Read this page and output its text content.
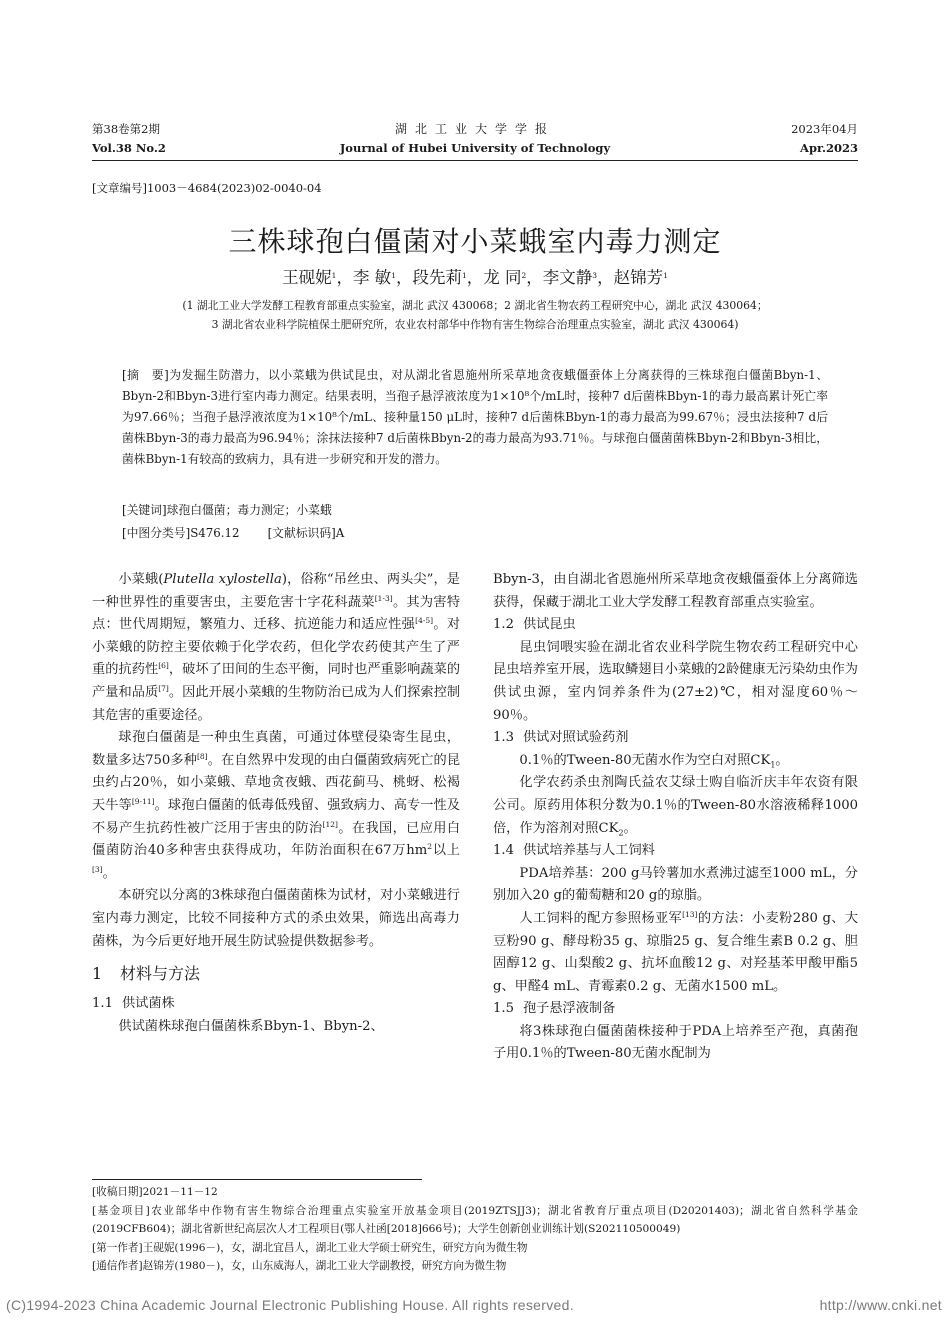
第38卷第2期
Vol.38 No.2
湖北工业大学学报
Journal of Hubei University of Technology
2023年04月
Apr.2023
[文章编号]1003－4684(2023)02-0040-04
三株球孢白僵菌对小菜蛾室内毒力测定
王砚妮$^1$，李 敏$^1$，段先莉$^1$，龙 同$^2$，李文静$^3$，赵锦芳$^1$
(1 湖北工业大学发酵工程教育部重点实验室，湖北 武汉 430068；2 湖北省生物农药工程研究中心，湖北 武汉 430064；
3 湖北省农业科学院植保土肥研究所，农业农村部华中作物有害生物综合治理重点实验室，湖北 武汉 430064)
[摘　要]为发掘生防潜力，以小菜蛾为供试昆虫，对从湖北省恩施州所采草地贪夜蛾僵蚕体上分离获得的三株球孢白僵菌Bbyn-1、Bbyn-2和Bbyn-3进行室内毒力测定。结果表明，当孢子悬浮液浓度为1×10⁸个/mL时，接种7 d后菌株Bbyn-1的毒力最高累计死亡率为97.66％；当孢子悬浮液浓度为1×10⁸个/mL、接种量150 μL时，接种7 d后菌株Bbyn-1的毒力最高为99.67％；浸虫法接种7 d后菌株Bbyn-3的毒力最高为96.94％；涂抹法接种7 d后菌株Bbyn-2的毒力最高为93.71％。与球孢白僵菌菌株Bbyn-2和Bbyn-3相比，菌株Bbyn-1有较高的致病力，具有进一步研究和开发的潜力。
[关键词]球孢白僵菌；毒力测定；小菜蛾
[中图分类号]S476.12 [文献标识码]A

小菜蛾(Plutella xylostella)，俗称“吊丝虫、两头尖”，是一种世界性的重要害虫，主要危害十字花科蔬菜[1-3]。其为害特点：世代周期短，繁殖力、迁移、抗逆能力和适应性强[4-5]。对小菜蛾的防控主要依赖于化学农药，但化学农药使其产生了严重的抗药性[6]，破坏了田间的生态平衡，同时也严重影响蔬菜的产量和品质[7]。因此开展小菜蛾的生物防治已成为人们探索控制其危害的重要途径。

球孢白僵菌是一种虫生真菌，可通过体壁侵染寄生昆虫，数量多达750多种[8]。在自然界中发现的由白僵菌致病死亡的昆虫约占20％，如小菜蛾、草地贪夜蛾、西花蓟马、桃蚜、松褐天牛等[9-11]。球孢白僵菌的低毒低残留、强致病力、高专一性及不易产生抗药性被广泛用于害虫的防治[12]。在我国，已应用白僵菌防治40多种害虫获得成功，年防治面积在67万$hm^2$以上[3]。

本研究以分离的3株球孢白僵菌菌株为试材，对小菜蛾进行室内毒力测定，比较不同接种方式的杀虫效果，筛选出高毒力菌株，为今后更好地开展生防试验提供数据参考。

1 材料与方法
1.1 供试菌株

供试菌株球孢白僵菌株系Bbyn-1、Bbyn-2、

Bbyn-3，由自湖北省恩施州所采草地贪夜蛾僵蚕体上分离筛选获得，保藏于湖北工业大学发酵工程教育部重点实验室。

1.2 供试昆虫

昆虫饲喂实验在湖北省农业科学院生物农药工程研究中心昆虫培养室开展，选取鳞翅目小菜蛾的2龄健康无污染幼虫作为供试虫源，室内饲养条件为(27±2)℃，相对湿度60％～90％。

1.3 供试对照试验药剂

0.1％的Tween-80无菌水作为空白对照$CK_1$。

化学农药杀虫剂陶氏益农艾绿士购自临沂庆丰年农资有限公司。原药用体积分数为0.1％的Tween-80水溶液稀释1000倍，作为溶剂对照$CK_2$。

1.4 供试培养基与人工饲料

PDA培养基：200 g马铃薯加水煮沸过滤至1000 mL，分别加入20 g的葡萄糖和20 g的琼脂。

人工饲料的配方参照杨亚军[13]的方法：小麦粉280 g、大豆粉90 g、酵母粉35 g、琼脂25 g、复合维生素B 0.2 g、胆固醇12 g、山梨酸2 g、抗坏血酸12 g、对羟基苯甲酸甲酯5 g、甲醛4 mL、青霉素0.2 g、无菌水1500 mL。

1.5 孢子悬浮液制备

将3株球孢白僵菌菌株接种于PDA上培养至产孢，真菌孢子用0.1％的Tween-80无菌水配制为

[收稿日期]2021－11－12
[基金项目]农业部华中作物有害生物综合治理重点实验室开放基金项目(2019ZTSJJ3)；湖北省教育厅重点项目(D20201403)；湖北省自然科学基金(2019CFB604)；湖北省新世纪高层次人才工程项目(鄂人社函[2018]666号)；大学生创新创业训练计划(S202110500049)
[第一作者]王砚妮(1996－)，女，湖北宜昌人，湖北工业大学硕士研究生，研究方向为微生物
[通信作者]赵锦芳(1980－)，女，山东威海人，湖北工业大学副教授，研究方向为微生物
(C)1994-2023 China Academic Journal Electronic Publishing House. All rights reserved.	http://www.cnki.net
